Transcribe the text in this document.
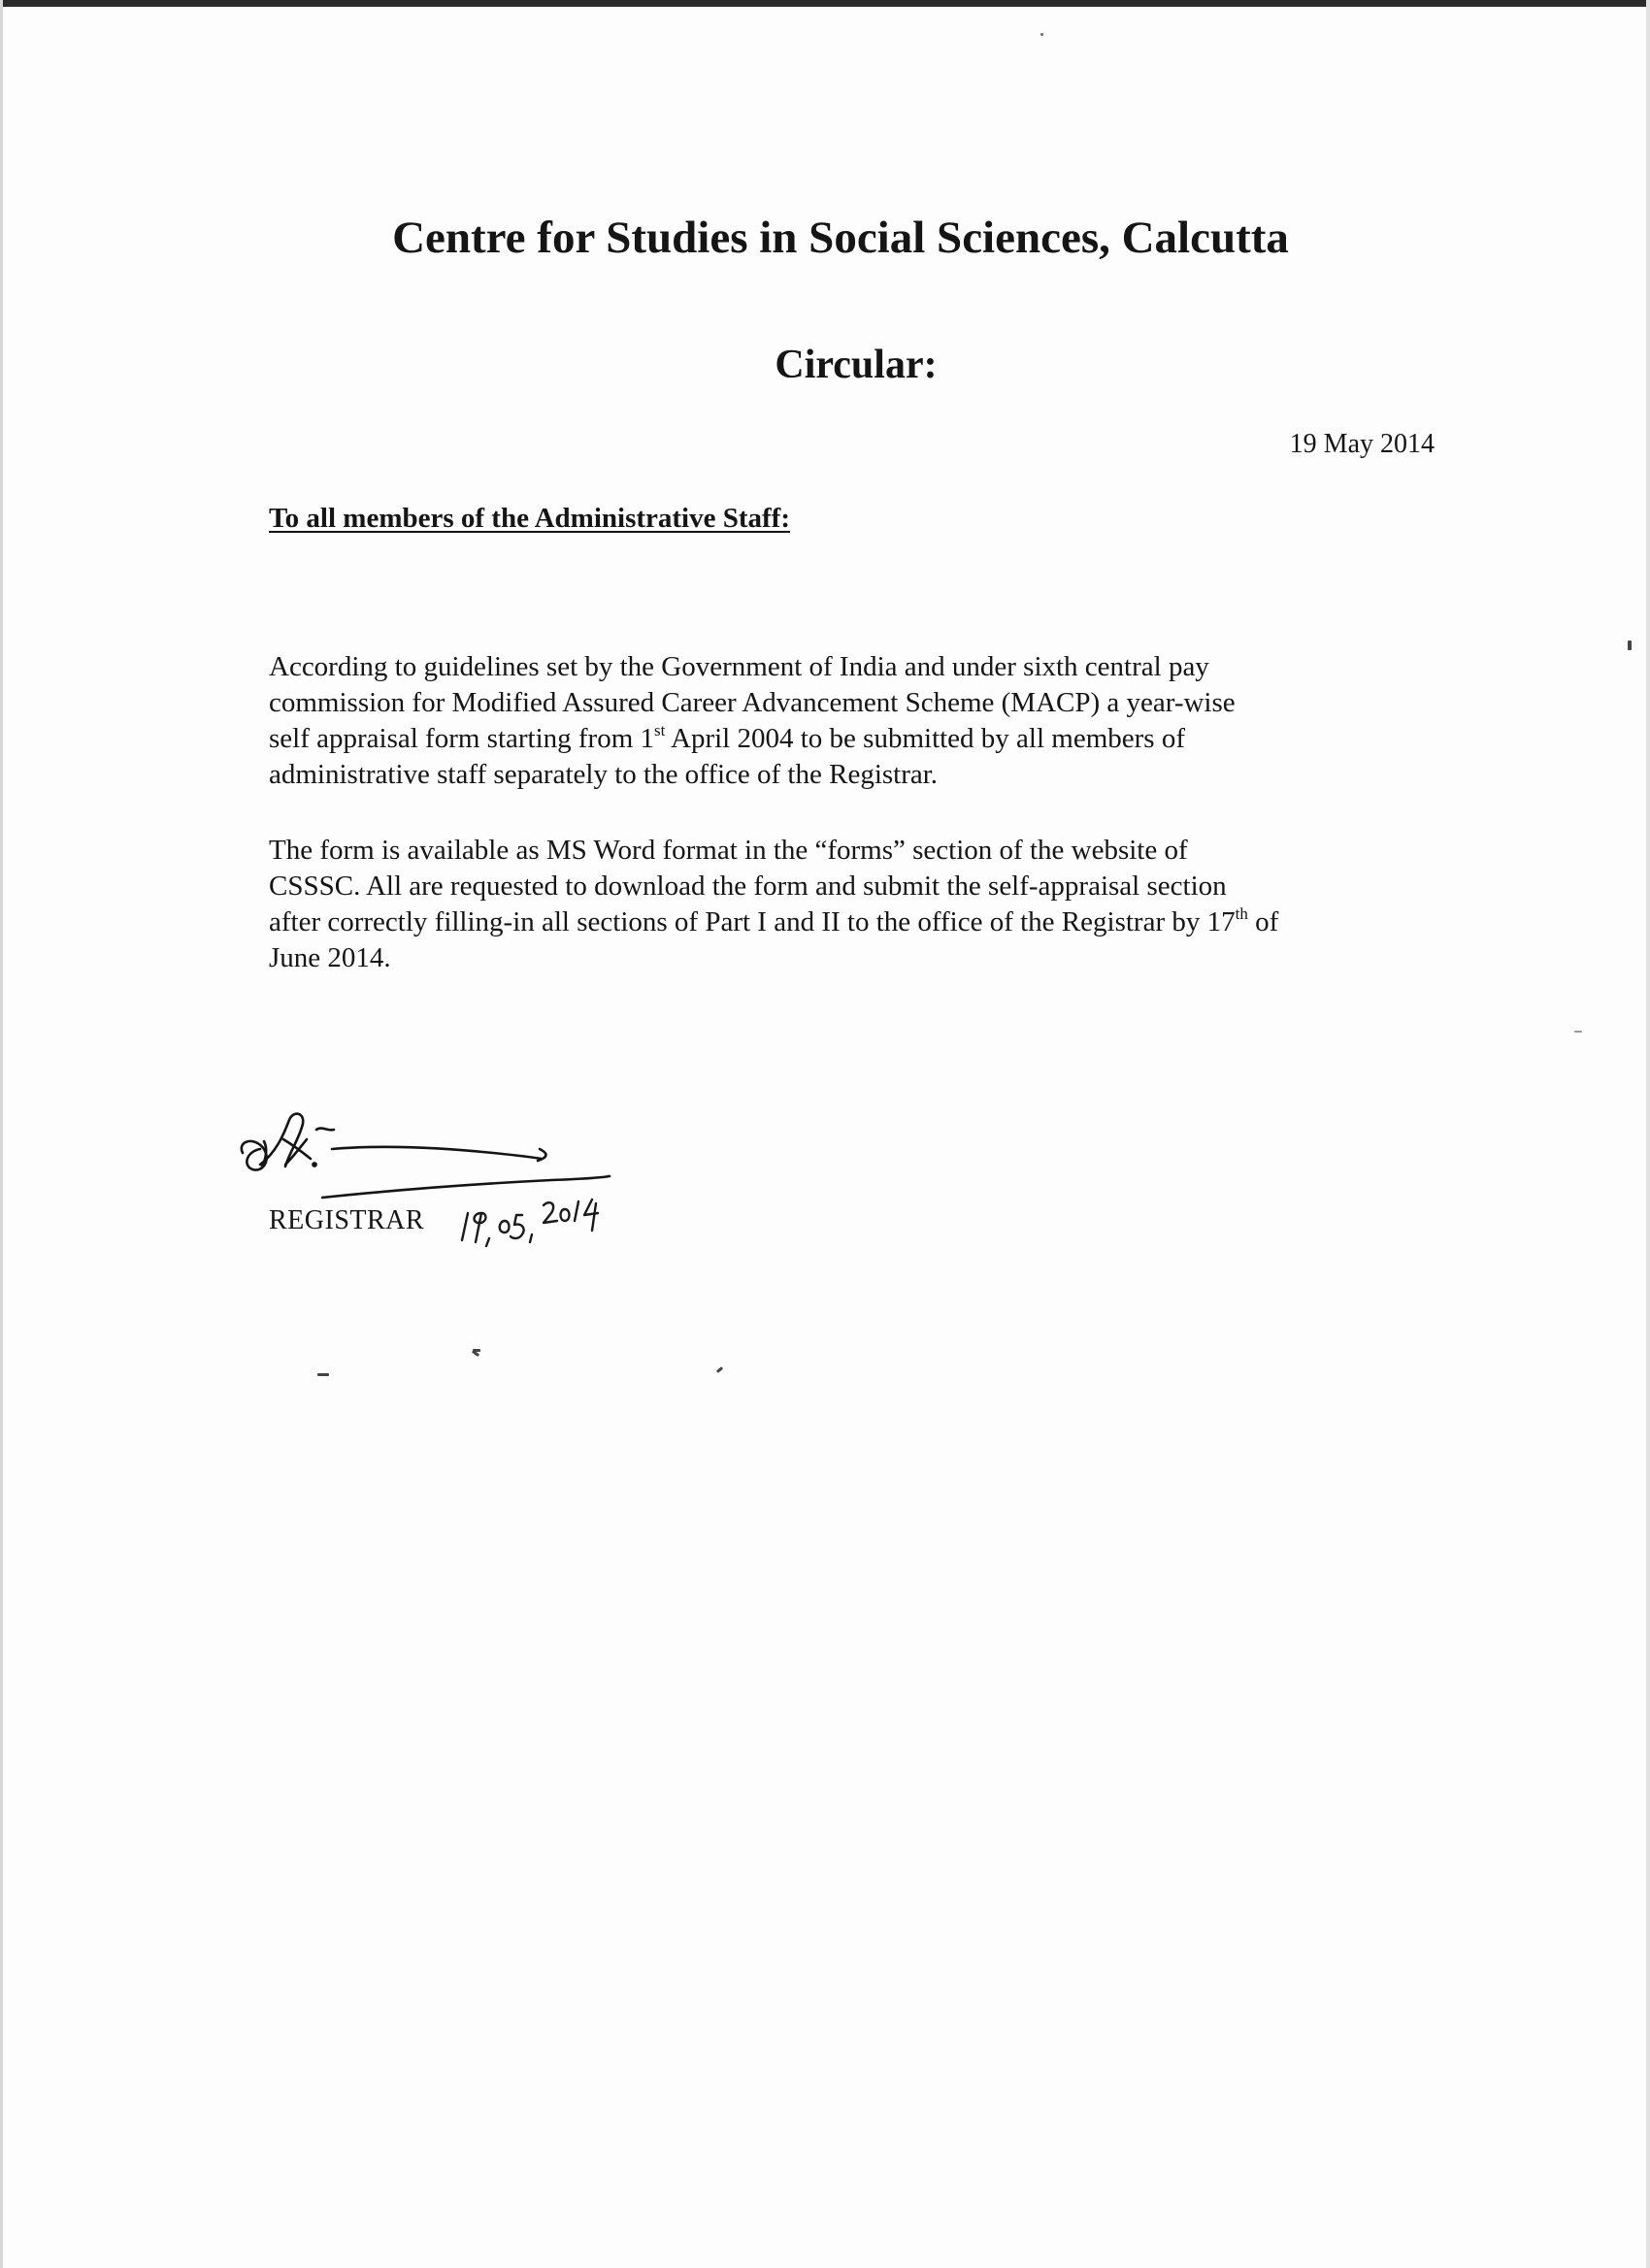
Centre for Studies in Social Sciences, Calcutta
Circular:
19 May 2014
To all members of the Administrative Staff:

According to guidelines set by the Government of India and under sixth central pay
commission for Modified Assured Career Advancement Scheme (MACP) a year-wise
self appraisal form starting from 1st April 2004 to be submitted by all members of
administrative staff separately to the office of the Registrar.

The form is available as MS Word format in the “forms” section of the website of
CSSSC. All are requested to download the form and submit the self-appraisal section
after correctly filling-in all sections of Part I and II to the office of the Registrar by 17th of
June 2014.

REGISTRAR
